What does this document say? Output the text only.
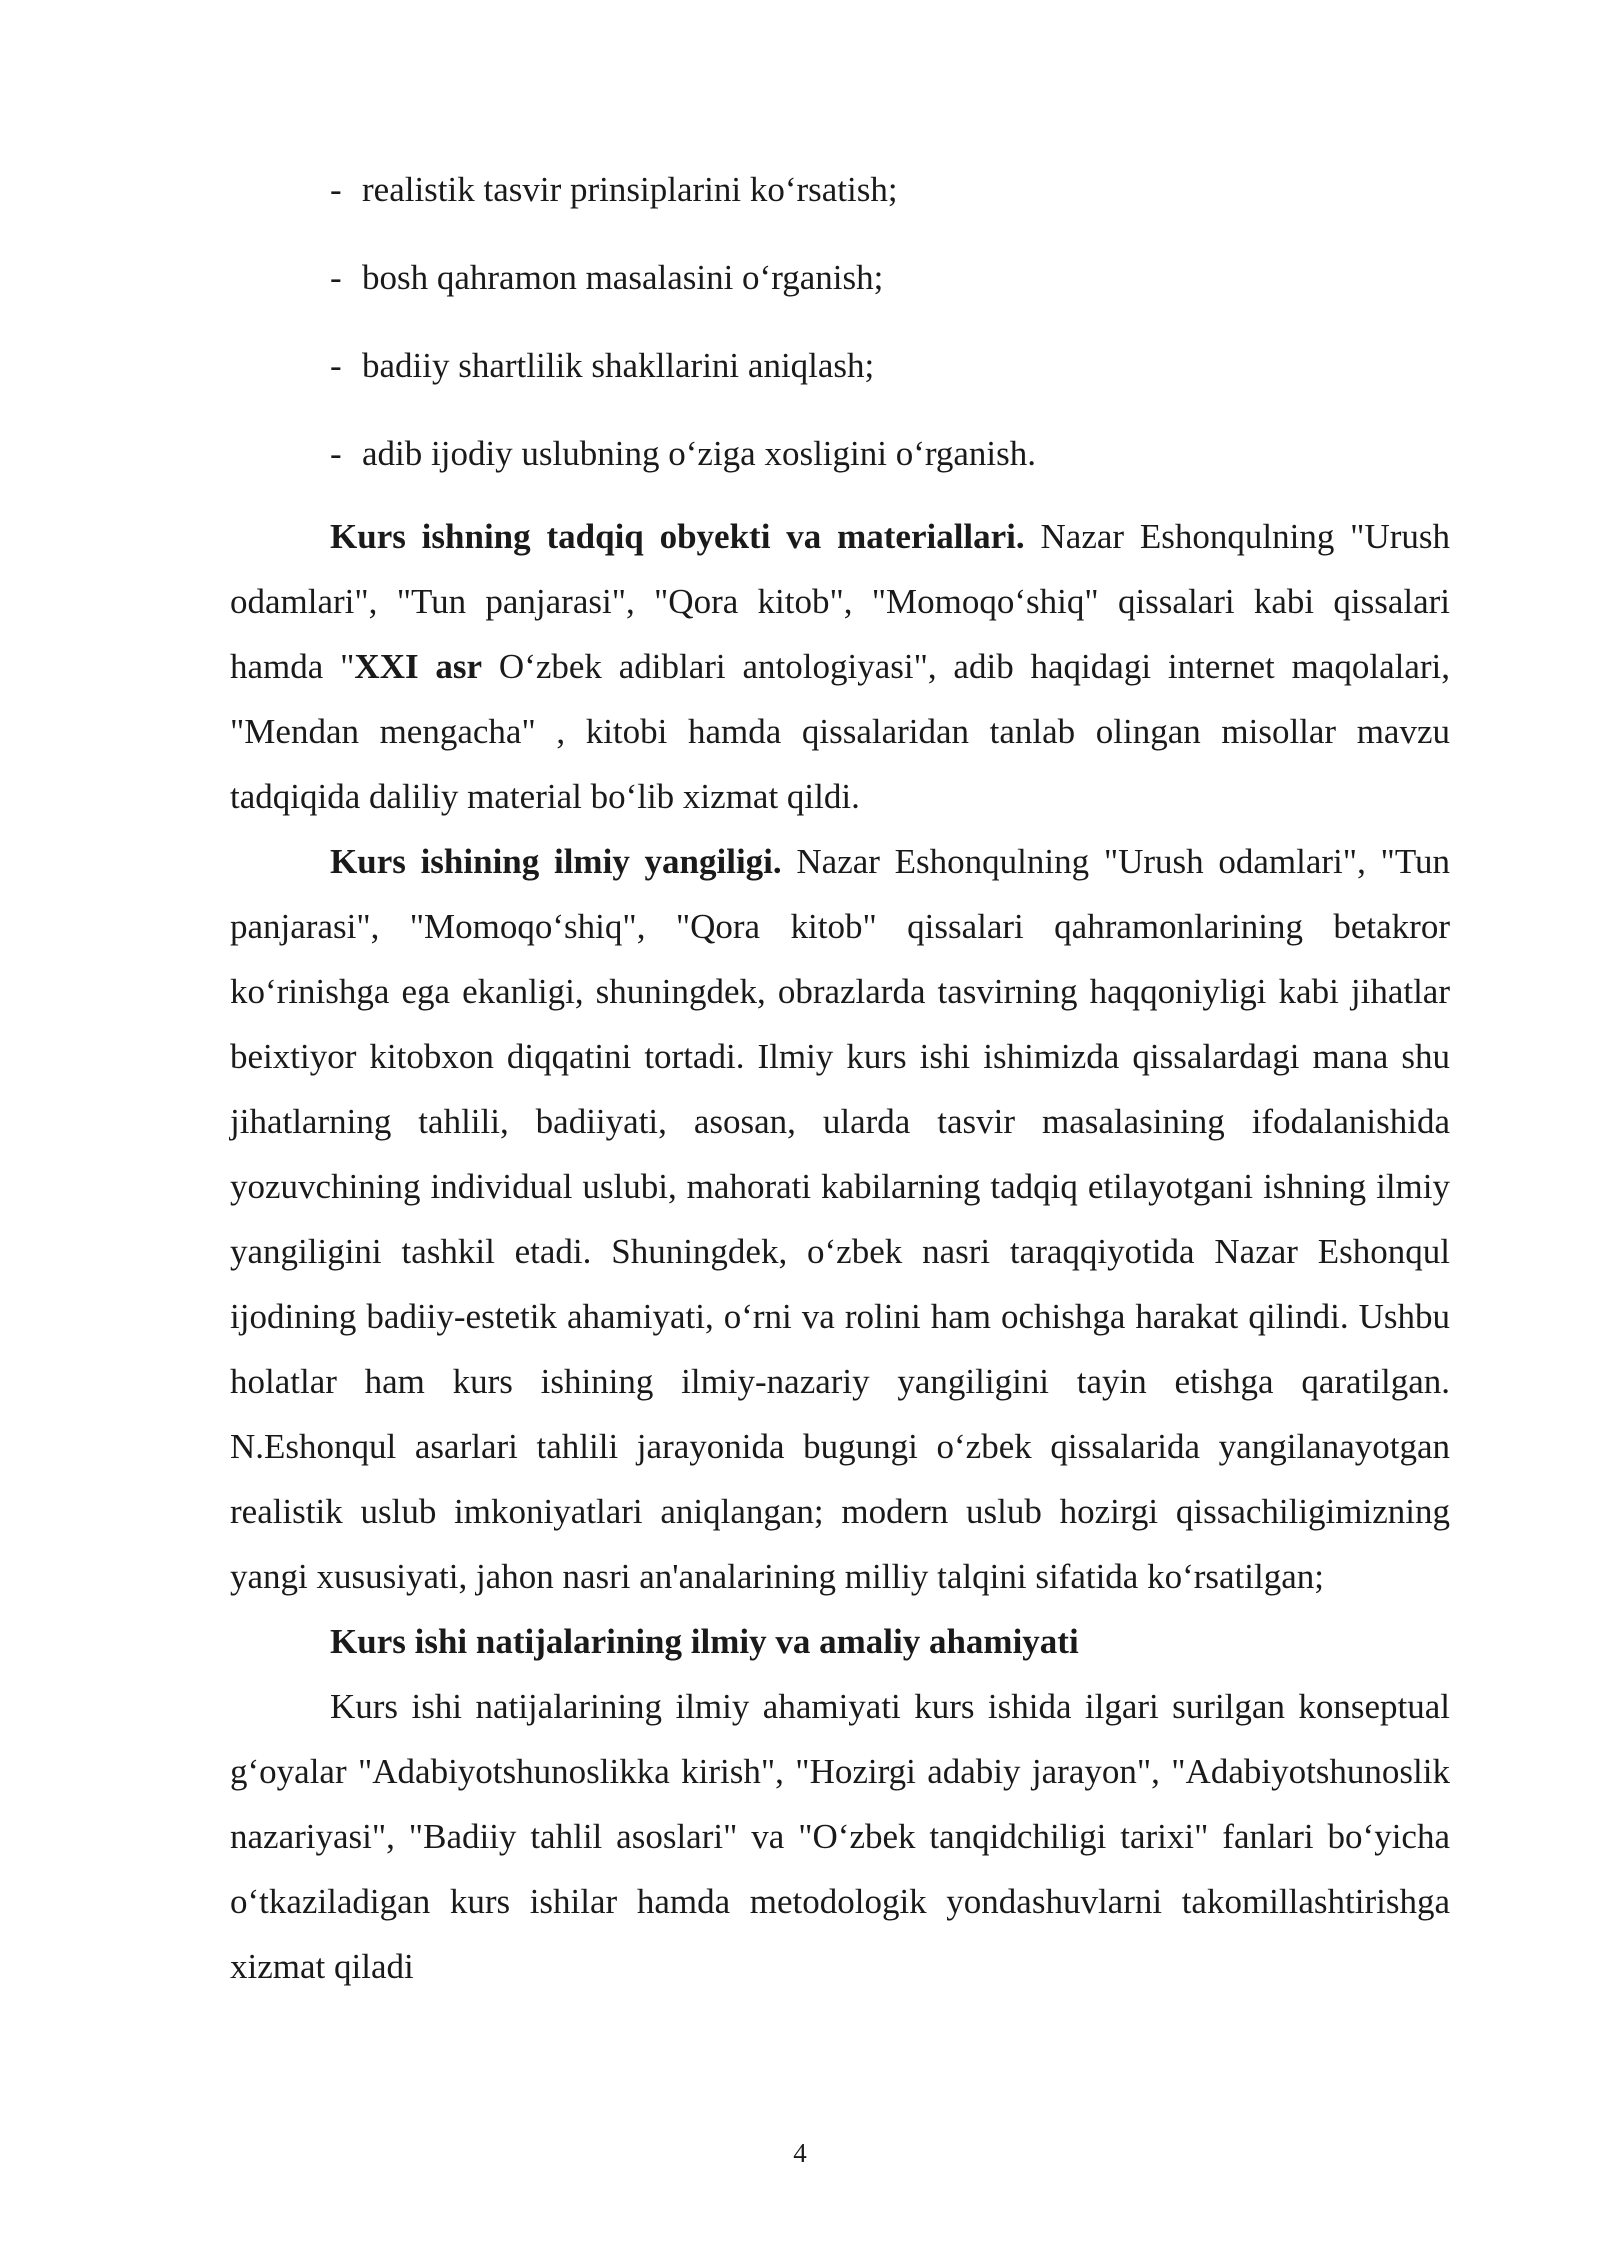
- realistik tasvir prinsiplarini koʻrsatish;
- bosh qahramon masalasini oʻrganish;
- badiiy shartlilik shakllarini aniqlash;
- adib ijodiy uslubning oʻziga xosligini oʻrganish.

Kurs ishning tadqiq obyekti va materiallari. Nazar Eshonqulning "Urush odamlari", "Tun panjarasi", "Qora kitob", "Momoqoʻshiq" qissalari kabi qissalari hamda "XXI asr Oʻzbek adiblari antologiyasi", adib haqidagi internet maqolalari, "Mendan mengacha" , kitobi hamda qissalaridan tanlab olingan misollar mavzu tadqiqida daliliy material boʻlib xizmat qildi.

Kurs ishining ilmiy yangiligi. Nazar Eshonqulning "Urush odamlari", "Tun panjarasi", "Momoqoʻshiq", "Qora kitob" qissalari qahramonlarining betakror koʻrinishga ega ekanligi, shuningdek, obrazlarda tasvirning haqqoniyligi kabi jihatlar beixtiyor kitobxon diqqatini tortadi. Ilmiy kurs ishi ishimizda qissalardagi mana shu jihatlarning tahlili, badiiyati, asosan, ularda tasvir masalasining ifodalanishida yozuvchining individual uslubi, mahorati kabilarning tadqiq etilayotgani ishning ilmiy yangiligini tashkil etadi. Shuningdek, oʻzbek nasri taraqqiyotida Nazar Eshonqul ijodining badiiy-estetik ahamiyati, oʻrni va rolini ham ochishga harakat qilindi. Ushbu holatlar ham kurs ishining ilmiy-nazariy yangiligini tayin etishga qaratilgan. N.Eshonqul asarlari tahlili jarayonida bugungi oʻzbek qissalarida yangilanayotgan realistik uslub imkoniyatlari aniqlangan; modern uslub hozirgi qissachiligimizning yangi xususiyati, jahon nasri an'analarining milliy talqini sifatida koʻrsatilgan;

Kurs ishi natijalarining ilmiy va amaliy ahamiyati

Kurs ishi natijalarining ilmiy ahamiyati kurs ishida ilgari surilgan konseptual gʻoyalar "Adabiyotshunoslikka kirish", "Hozirgi adabiy jarayon", "Adabiyotshunoslik nazariyasi", "Badiiy tahlil asoslari" va "Oʻzbek tanqidchiligi tarixi" fanlari boʻyicha oʻtkaziladigan kurs ishilar hamda metodologik yondashuvlarni takomillashtirishga xizmat qiladi

4
